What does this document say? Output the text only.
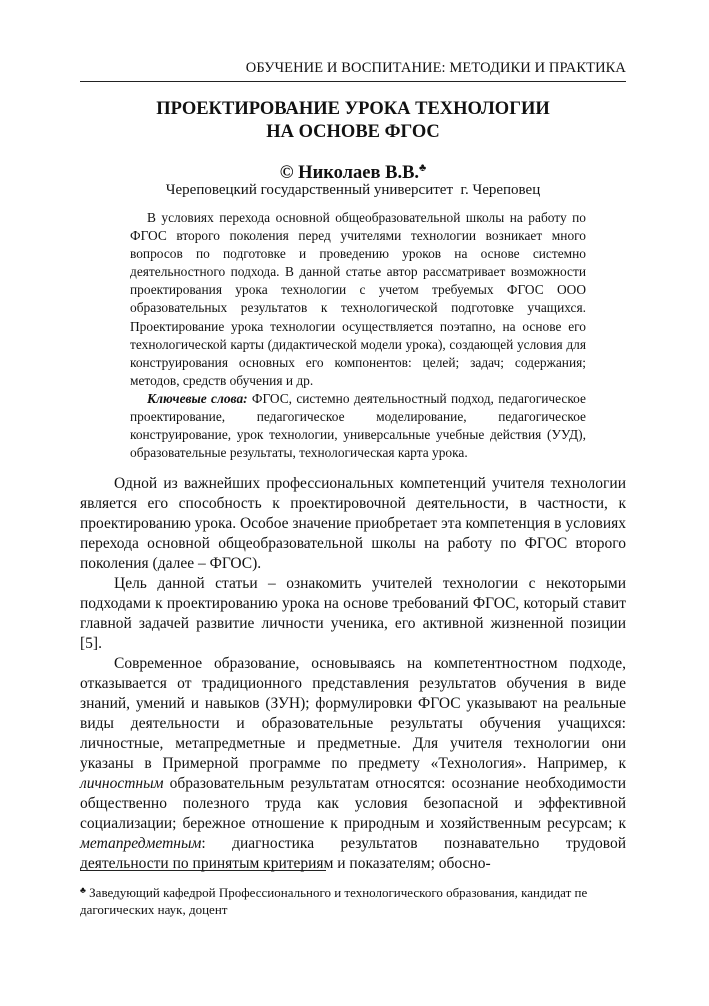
ОБУЧЕНИЕ И ВОСПИТАНИЕ: МЕТОДИКИ И ПРАКТИКА
ПРОЕКТИРОВАНИЕ УРОКА ТЕХНОЛОГИИ
НА ОСНОВЕ ФГОС
© Николаев В.В.♣
Череповецкий государственный университет  г. Череповец

В условиях перехода основной общеобразовательной школы на работу по ФГОС второго поколения перед учителями технологии возникает много вопросов по подготовке и проведению уроков на основе системно деятельностного подхода. В данной статье автор рассматривает возможности проектирования урока технологии с учетом требуемых ФГОС ООО образовательных результатов к технологической подготовке учащихся. Проектирование урока технологии осуществляется поэтапно, на основе его технологической карты (дидактической модели урока), создающей условия для конструирования основных его компонентов: целей; задач; содержания; методов, средств обучения и др.

Ключевые слова: ФГОС, системно деятельностный подход, педагогическое проектирование, педагогическое моделирование, педагогическое конструирование, урок технологии, универсальные учебные действия (УУД), образовательные результаты, технологическая карта урока.

Одной из важнейших профессиональных компетенций учителя технологии является его способность к проектировочной деятельности, в частности, к проектированию урока. Особое значение приобретает эта компетенция в условиях перехода основной общеобразовательной школы на работу по ФГОС второго поколения (далее – ФГОС).

Цель данной статьи – ознакомить учителей технологии с некоторыми подходами к проектированию урока на основе требований ФГОС, который ставит главной задачей развитие личности ученика, его активной жизненной позиции [5].

Современное образование, основываясь на компетентностном подходе, отказывается от традиционного представления результатов обучения в виде знаний, умений и навыков (ЗУН); формулировки ФГОС указывают на реальные виды деятельности и образовательные результаты обучения учащихся: личностные, метапредметные и предметные. Для учителя технологии они указаны в Примерной программе по предмету «Технология». Например, к личностным образовательным результатам относятся: осознание необходимости общественно полезного труда как условия безопасной и эффективной социализации; бережное отношение к природным и хозяйственным ресурсам; к метапредметным: диагностика результатов познавательно трудовой деятельности по принятым критериям и показателям; обосно-

♣ Заведующий кафедрой Профессионального и технологического образования, кандидат пе дагогических наук, доцент
